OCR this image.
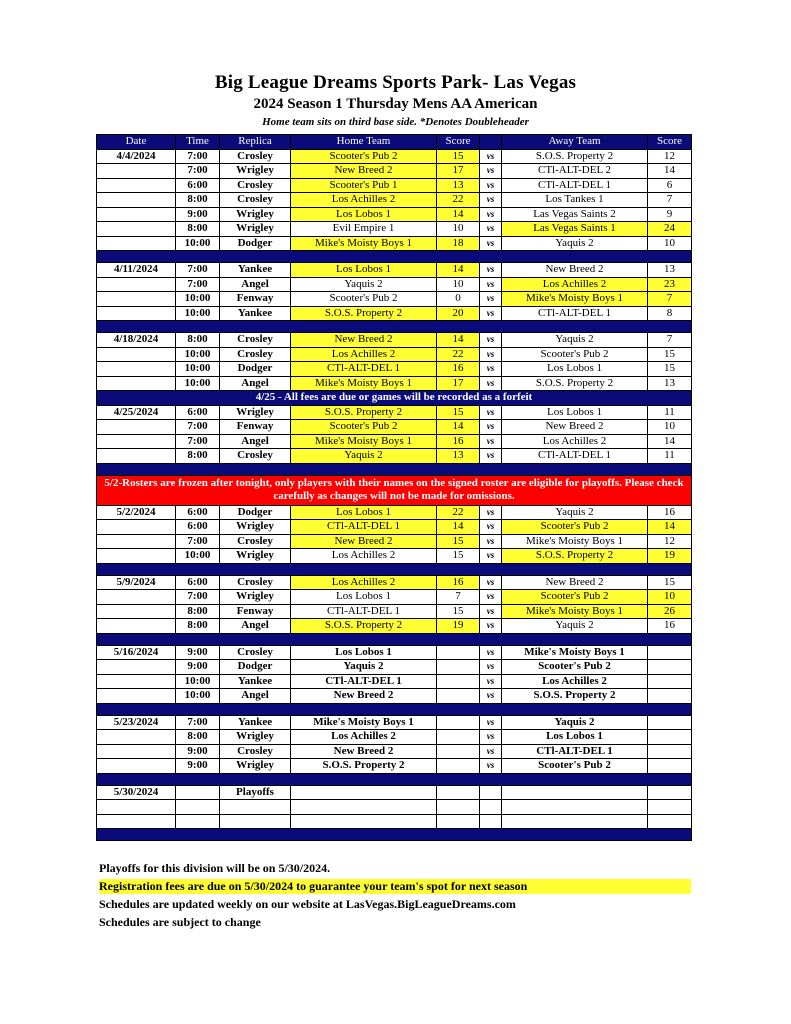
Big League Dreams Sports Park- Las Vegas
2024 Season 1 Thursday Mens AA American
Home team sits on third base side. *Denotes Doubleheader
Date	Time	Replica	Home Team	Score		Away Team	Score
4/4/2024	7:00	Crosley	Scooter's Pub 2	15	vs	S.O.S. Property 2	12
	7:00	Wrigley	New Breed 2	17	vs	CTl-ALT-DEL 2	14
	6:00	Crosley	Scooter's Pub 1	13	vs	CTl-ALT-DEL 1	6
	8:00	Crosley	Los Achilles 2	22	vs	Los Tankes 1	7
	9:00	Wrigley	Los Lobos 1	14	vs	Las Vegas Saints 2	9
	8:00	Wrigley	Evil Empire 1	10	vs	Las Vegas Saints 1	24
	10:00	Dodger	Mike's Moisty Boys 1	18	vs	Yaquis 2	10

4/11/2024	7:00	Yankee	Los Lobos 1	14	vs	New Breed 2	13
	7:00	Angel	Yaquis 2	10	vs	Los Achilles 2	23
	10:00	Fenway	Scooter's Pub 2	0	vs	Mike's Moisty Boys 1	7
	10:00	Yankee	S.O.S. Property 2	20	vs	CTl-ALT-DEL 1	8

4/18/2024	8:00	Crosley	New Breed 2	14	vs	Yaquis 2	7
	10:00	Crosley	Los Achilles 2	22	vs	Scooter's Pub 2	15
	10:00	Dodger	CTl-ALT-DEL 1	16	vs	Los Lobos 1	15
	10:00	Angel	Mike's Moisty Boys 1	17	vs	S.O.S. Property 2	13
4/25 - All fees are due or games will be recorded as a forfeit							
4/25/2024	6:00	Wrigley	S.O.S. Property 2	15	vs	Los Lobos 1	11
	7:00	Fenway	Scooter's Pub 2	14	vs	New Breed 2	10
	7:00	Angel	Mike's Moisty Boys 1	16	vs	Los Achilles 2	14
	8:00	Crosley	Yaquis 2	13	vs	CTl-ALT-DEL 1	11

5/2-Rosters are frozen after tonight, only players with their names on the signed roster are eligible for playoffs. Please check carefully as changes will not be made for omissions.							
5/2/2024	6:00	Dodger	Los Lobos 1	22	vs	Yaquis 2	16
	6:00	Wrigley	CTl-ALT-DEL 1	14	vs	Scooter's Pub 2	14
	7:00	Crosley	New Breed 2	15	vs	Mike's Moisty Boys 1	12
	10:00	Wrigley	Los Achilles 2	15	vs	S.O.S. Property 2	19

5/9/2024	6:00	Crosley	Los Achilles 2	16	vs	New Breed 2	15
	7:00	Wrigley	Los Lobos 1	7	vs	Scooter's Pub 2	10
	8:00	Fenway	CTl-ALT-DEL 1	15	vs	Mike's Moisty Boys 1	26
	8:00	Angel	S.O.S. Property 2	19	vs	Yaquis 2	16

5/16/2024	9:00	Crosley	Los Lobos 1		vs	Mike's Moisty Boys 1	
	9:00	Dodger	Yaquis 2		vs	Scooter's Pub 2	
	10:00	Yankee	CTl-ALT-DEL 1		vs	Los Achilles 2	
	10:00	Angel	New Breed 2		vs	S.O.S. Property 2	

5/23/2024	7:00	Yankee	Mike's Moisty Boys 1		vs	Yaquis 2	
	8:00	Wrigley	Los Achilles 2		vs	Los Lobos 1	
	9:00	Crosley	New Breed 2		vs	CTl-ALT-DEL 1	
	9:00	Wrigley	S.O.S. Property 2		vs	Scooter's Pub 2	

5/30/2024		Playoffs					

Playoffs for this division will be on 5/30/2024.
Registration fees are due on 5/30/2024 to guarantee your team's spot for next season
Schedules are updated weekly on our website at LasVegas.BigLeagueDreams.com
Schedules are subject to change
